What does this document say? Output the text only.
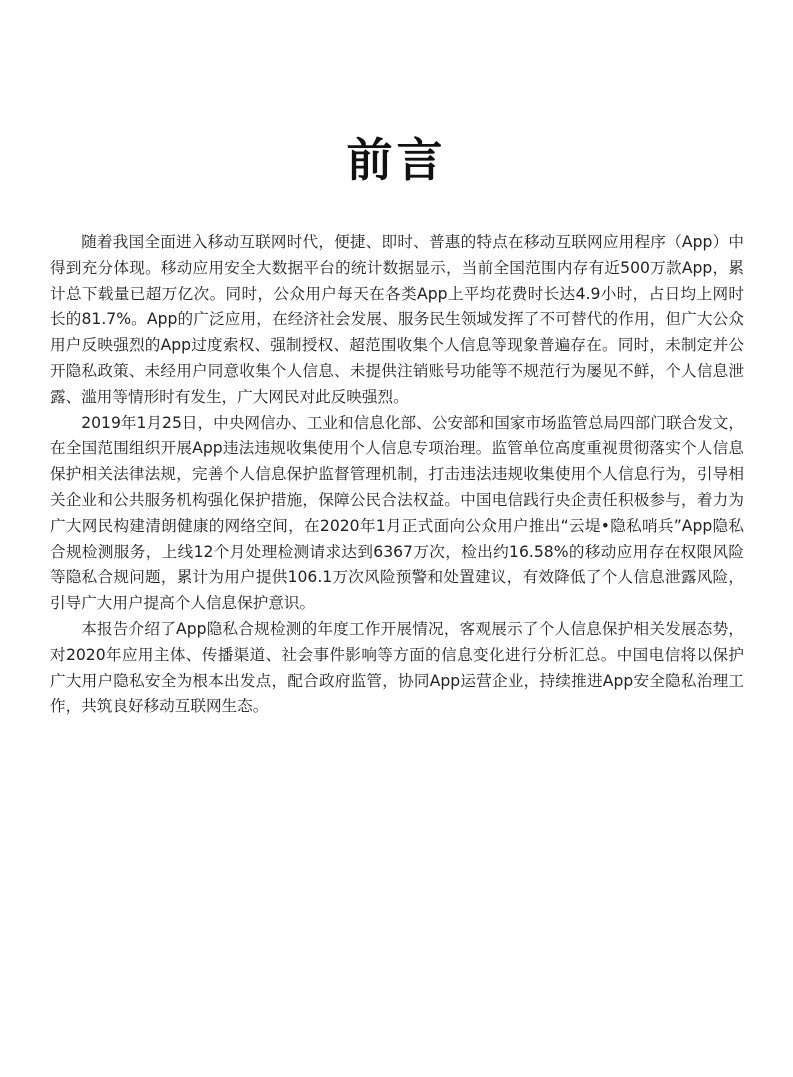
前言

随着我国全面进入移动互联网时代，便捷、即时、普惠的特点在移动互联网应用程序（App）中得到充分体现。移动应用安全大数据平台的统计数据显示，当前全国范围内存有近500万款App，累计总下载量已超万亿次。同时，公众用户每天在各类App上平均花费时长达4.9小时，占日均上网时长的81.7%。App的广泛应用，在经济社会发展、服务民生领域发挥了不可替代的作用，但广大公众用户反映强烈的App过度索权、强制授权、超范围收集个人信息等现象普遍存在。同时，未制定并公开隐私政策、未经用户同意收集个人信息、未提供注销账号功能等不规范行为屡见不鲜，个人信息泄露、滥用等情形时有发生，广大网民对此反映强烈。

2019年1月25日，中央网信办、工业和信息化部、公安部和国家市场监管总局四部门联合发文，在全国范围组织开展App违法违规收集使用个人信息专项治理。监管单位高度重视贯彻落实个人信息保护相关法律法规，完善个人信息保护监督管理机制，打击违法违规收集使用个人信息行为，引导相关企业和公共服务机构强化保护措施，保障公民合法权益。中国电信践行央企责任积极参与，着力为广大网民构建清朗健康的网络空间，在2020年1月正式面向公众用户推出“云堤•隐私哨兵”App隐私合规检测服务，上线12个月处理检测请求达到6367万次，检出约16.58%的移动应用存在权限风险等隐私合规问题，累计为用户提供106.1万次风险预警和处置建议，有效降低了个人信息泄露风险，引导广大用户提高个人信息保护意识。

本报告介绍了App隐私合规检测的年度工作开展情况，客观展示了个人信息保护相关发展态势，对2020年应用主体、传播渠道、社会事件影响等方面的信息变化进行分析汇总。中国电信将以保护广大用户隐私安全为根本出发点，配合政府监管，协同App运营企业，持续推进App安全隐私治理工作，共筑良好移动互联网生态。
